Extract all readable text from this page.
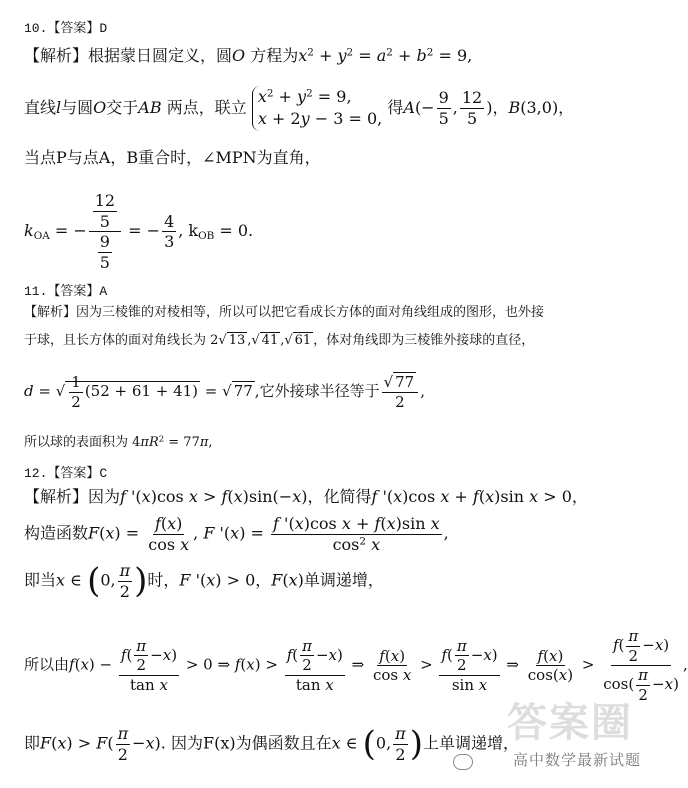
10.【答案】D
【解析】根据蒙日圆定义，圆O 方程为$x^2 + y^2 = a^2 + b^2 = 9$,
直线l与圆O交于AB 两点，联立
$x^2 + y^2 = 9$,
x + 2y − 3 = 0,
得$A(- \frac{9}{5}$ , $\frac{12}{5}$ )，B(3,0)，
当点P与点A，B重合时，∠MPN为直角，
$k_{OA}$ = − $\frac{\frac{12}{5}}{\frac{9}{5}}$ = − $\frac{4}{3}$ , $k_{OB} = 0$.
11.【答案】A
【解析】因为三棱锥的对棱相等，所以可以把它看成长方体的面对角线组成的图形，也外接
于球，且长方体的面对角线长为 2√ 13 ,√ 41 ,√ 61 ，体对角线即为三棱锥外接球的直径，
d = √ $\frac{1}{2} (52 + 61 + 41)$ = √ 77 ,它外接球半径等于 $\frac{√ 77}{2}$ ,
所以球的表面积为 $4\pi R^2 = 77\pi$,
12.【答案】C
【解析】因为f '(x)cos x > f(x)sin(−x)，化简得f '(x)cos x + f(x)sin x > 0，
构造函数$F(x) = \frac{f(x)}{\text{cos x}}$ , F '$(x) = \frac{\text{f '(x)cos x + f(x)sin x}}{\cos^2 x}$ ,
即当x ∈ (0, $\frac{\pi}{2}$ )时，F '(x) > 0，F(x)单调递增，
所以由$f(x) - \frac{f( \frac{\pi}{2} -x)}{\text{tan x}} > 0$ ⇒ $f(x) > \frac{f( \frac{\pi}{2} -x)}{\text{tan x}}$ ⇒ $\frac{f(x)}{\text{cos x}} > \frac{f( \frac{\pi}{2} -x)}{\text{sin x}}$ ⇒ $\frac{f(x)}{\cos(x)} > \frac{f( \frac{\pi}{2} -x)}{\cos( \frac{\pi}{2} -x)}$ ,
即$F(x) > F( \frac{\pi}{2} -x)$. 因为F(x)为偶函数且在x ∈ (0, $\frac{\pi}{2}$ )上单调递增，
答案圈
高中数学最新试题
